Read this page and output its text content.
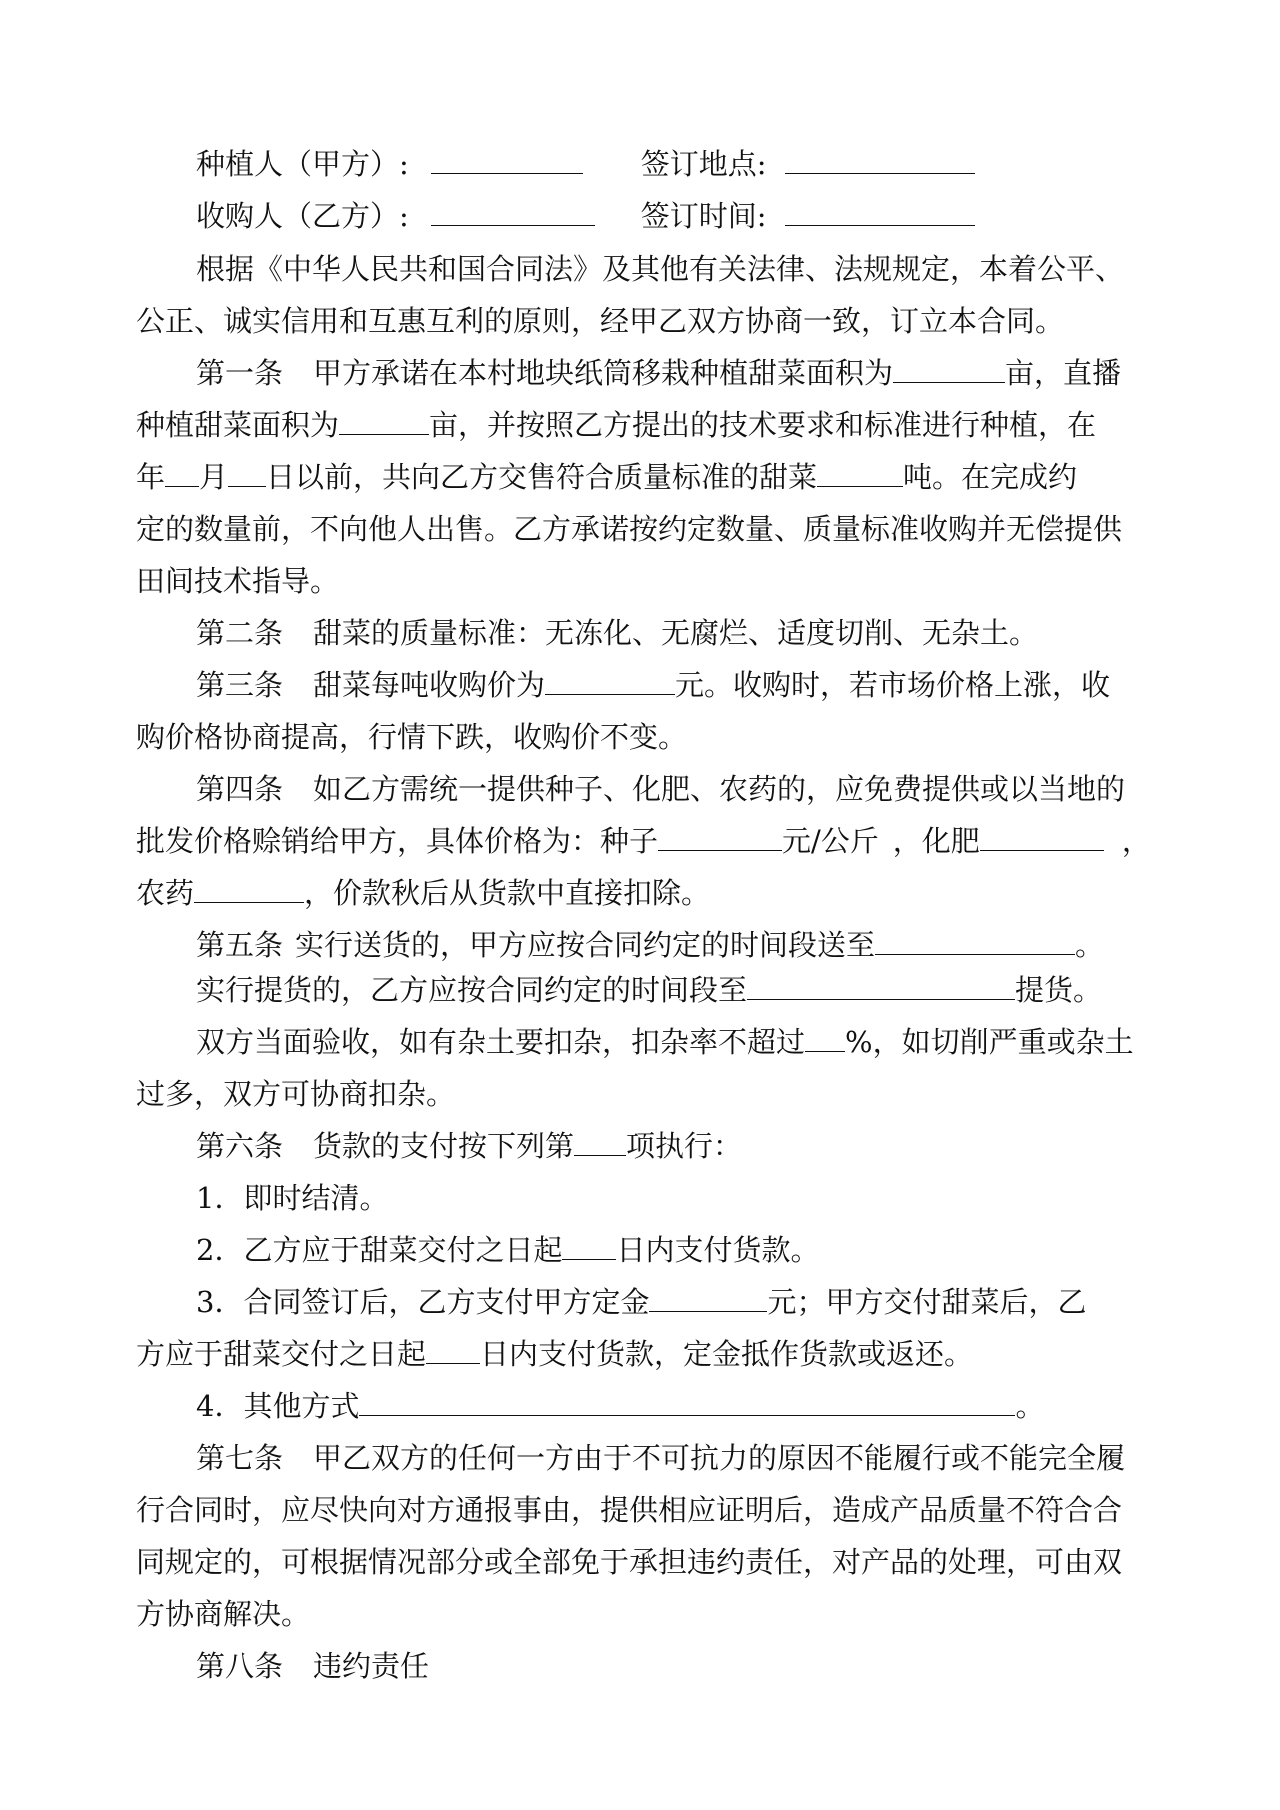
种植人（甲方）:	签订地点:
收购人（乙方）:	签订时间:
根据《中华人民共和国合同法》及其他有关法律、法规规定，本着公平、
公正、诚实信用和互惠互利的原则，经甲乙双方协商一致，订立本合同。
第一条 甲方承诺在本村地块纸筒移栽种植甜菜面积为	亩，直播
种植甜菜面积为	亩，并按照乙方提出的技术要求和标准进行种植，在
年 月 日以前，共向乙方交售符合质量标准的甜菜	吨。在完成约
定的数量前，不向他人出售。乙方承诺按约定数量、质量标准收购并无偿提供
田间技术指导。
第二条 甜菜的质量标准：无冻化、无腐烂、适度切削、无杂土。
第三条 甜菜每吨收购价为	元。收购时，若市场价格上涨，收
购价格协商提高，行情下跌，收购价不变。
第四条 如乙方需统一提供种子、化肥、农药的，应免费提供或以当地的
批发价格赊销给甲方，具体价格为：种子	元/公斤 ，化肥	，
农药	，价款秋后从货款中直接扣除。
第五条 实行送货的，甲方应按合同约定的时间段送至	。
实行提货的，乙方应按合同约定的时间段至	提货。
双方当面验收，如有杂土要扣杂，扣杂率不超过 %，如切削严重或杂土
过多，双方可协商扣杂。
第六条 货款的支付按下列第 项执行：
1．即时结清。
2．乙方应于甜菜交付之日起 日内支付货款。
3．合同签订后，乙方支付甲方定金	元；甲方交付甜菜后，乙
方应于甜菜交付之日起 日内支付货款，定金抵作货款或返还。
4．其他方式	。
第七条 甲乙双方的任何一方由于不可抗力的原因不能履行或不能完全履
行合同时，应尽快向对方通报事由，提供相应证明后，造成产品质量不符合合
同规定的，可根据情况部分或全部免于承担违约责任，对产品的处理，可由双
方协商解决。
第八条 违约责任
